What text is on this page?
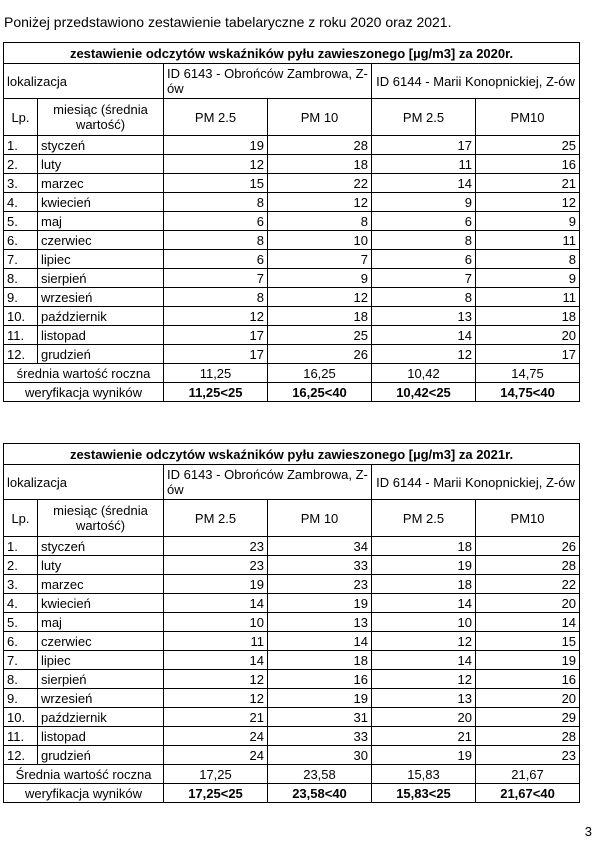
Poniżej przedstawiono zestawienie tabelaryczne z roku 2020 oraz 2021.
zestawienie odczytów wskaźników pyłu zawieszonego [µg/m3] za 2020r.					
lokalizacja		ID 6143 - Obrońców Zambrowa, Z-ów		ID 6144 - Marii Konopnickiej, Z-ów	
Lp.	miesiąc (średnia wartość)	PM 2.5	PM 10	PM 2.5	PM10
1.	styczeń	19	28	17	25
2.	luty	12	18	11	16
3.	marzec	15	22	14	21
4.	kwiecień	8	12	9	12
5.	maj	6	8	6	9
6.	czerwiec	8	10	8	11
7.	lipiec	6	7	6	8
8.	sierpień	7	9	7	9
9.	wrzesień	8	12	8	11
10.	październik	12	18	13	18
11.	listopad	17	25	14	20
12.	grudzień	17	26	12	17
średnia wartość roczna		11,25	16,25	10,42	14,75
weryfikacja wyników		11,25<25	16,25<40	10,42<25	14,75<40
zestawienie odczytów wskaźników pyłu zawieszonego [µg/m3] za 2021r.					
lokalizacja		ID 6143 - Obrońców Zambrowa, Z-ów		ID 6144 - Marii Konopnickiej, Z-ów	
Lp.	miesiąc (średnia wartość)	PM 2.5	PM 10	PM 2.5	PM10
1.	styczeń	23	34	18	26
2.	luty	23	33	19	28
3.	marzec	19	23	18	22
4.	kwiecień	14	19	14	20
5.	maj	10	13	10	14
6.	czerwiec	11	14	12	15
7.	lipiec	14	18	14	19
8.	sierpień	12	16	12	16
9.	wrzesień	12	19	13	20
10.	październik	21	31	20	29
11.	listopad	24	33	21	28
12.	grudzień	24	30	19	23
Średnia wartość roczna		17,25	23,58	15,83	21,67
weryfikacja wyników		17,25<25	23,58<40	15,83<25	21,67<40
3
